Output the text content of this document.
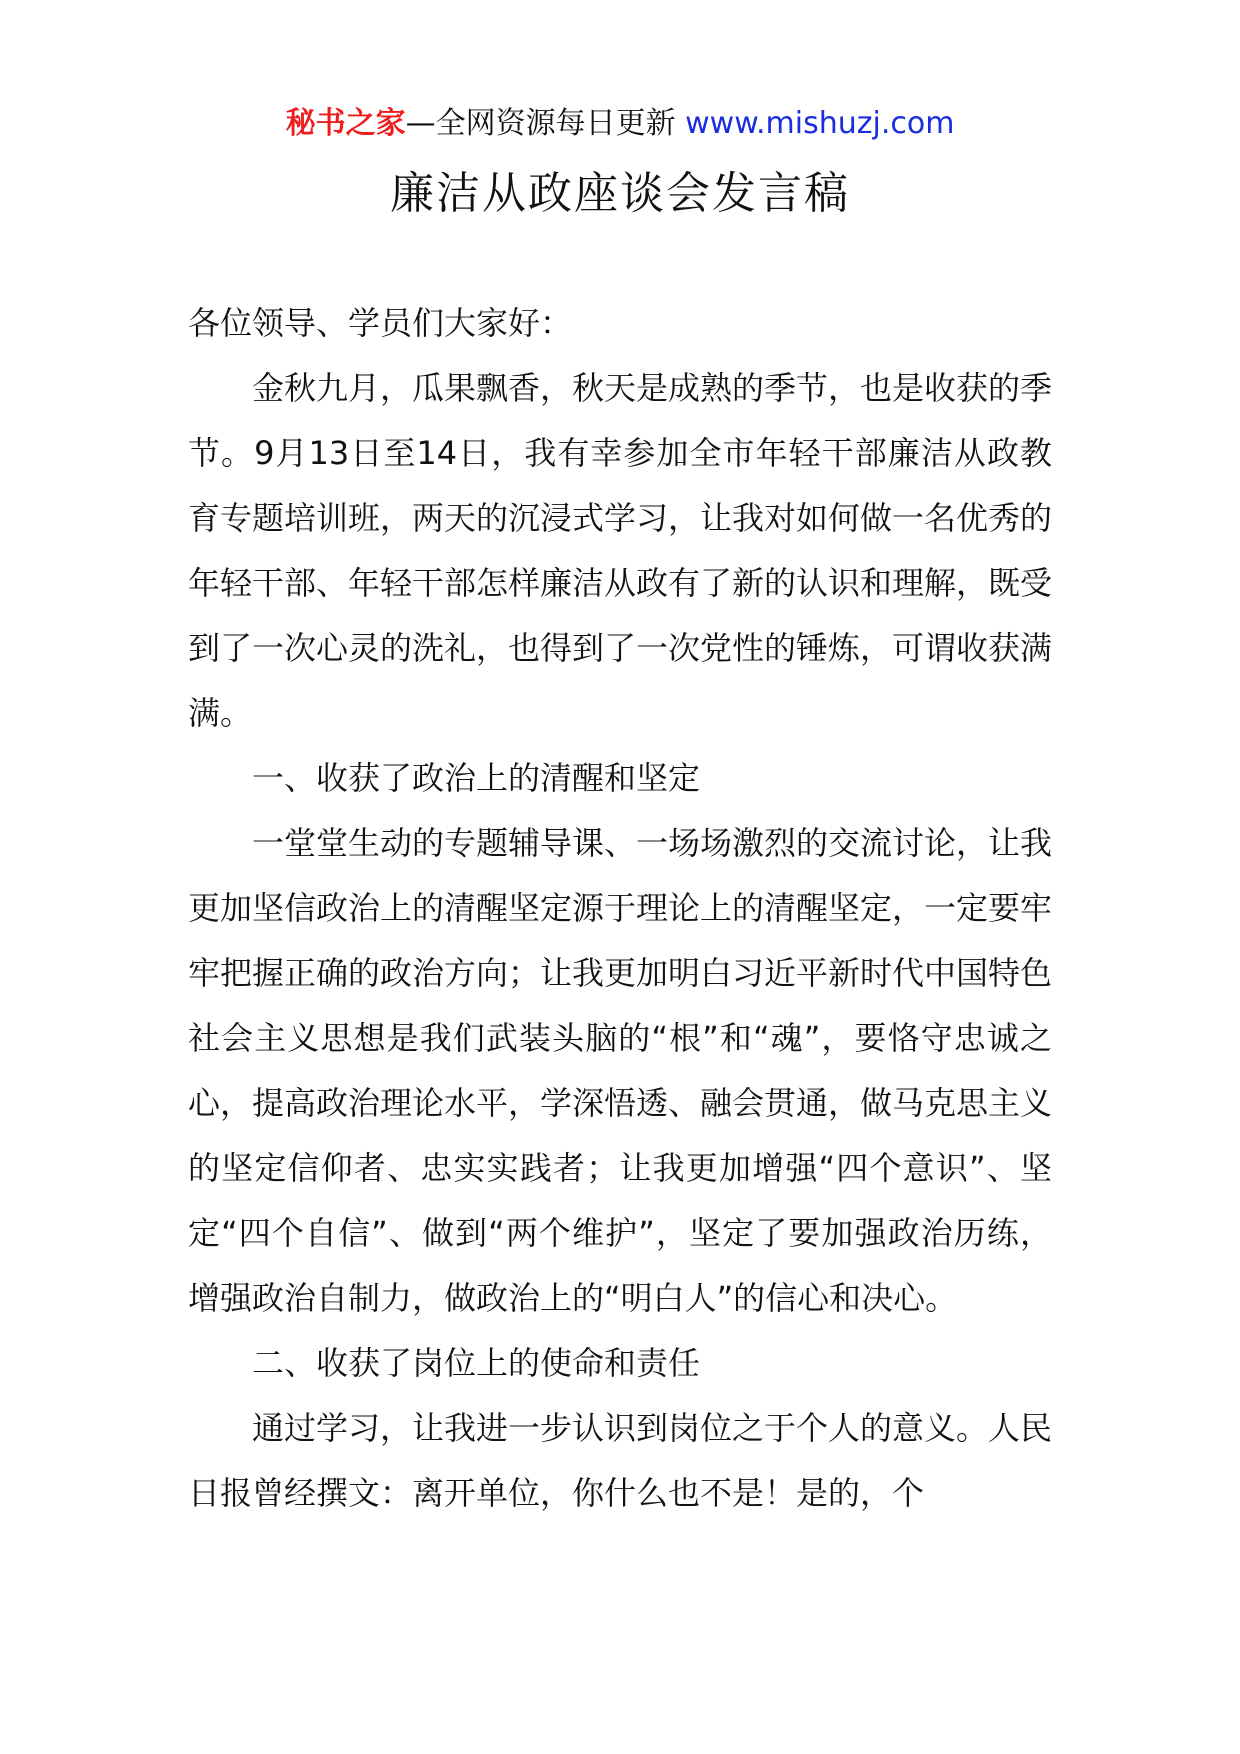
秘书之家—全网资源每日更新 www.mishuzj.com
廉洁从政座谈会发言稿

各位领导、学员们大家好：

金秋九月，瓜果飘香，秋天是成熟的季节，也是收获的季节。9月13日至14日，我有幸参加全市年轻干部廉洁从政教育专题培训班，两天的沉浸式学习，让我对如何做一名优秀的年轻干部、年轻干部怎样廉洁从政有了新的认识和理解，既受到了一次心灵的洗礼，也得到了一次党性的锤炼，可谓收获满满。

一、收获了政治上的清醒和坚定

一堂堂生动的专题辅导课、一场场激烈的交流讨论，让我更加坚信政治上的清醒坚定源于理论上的清醒坚定，一定要牢牢把握正确的政治方向；让我更加明白习近平新时代中国特色社会主义思想是我们武装头脑的“根”和“魂”，要恪守忠诚之心，提高政治理论水平，学深悟透、融会贯通，做马克思主义的坚定信仰者、忠实实践者；让我更加增强“四个意识”、坚定“四个自信”、做到“两个维护”，坚定了要加强政治历练，增强政治自制力，做政治上的“明白人”的信心和决心。

二、收获了岗位上的使命和责任

通过学习，让我进一步认识到岗位之于个人的意义。人民日报曾经撰文：离开单位，你什么也不是！是的，个
